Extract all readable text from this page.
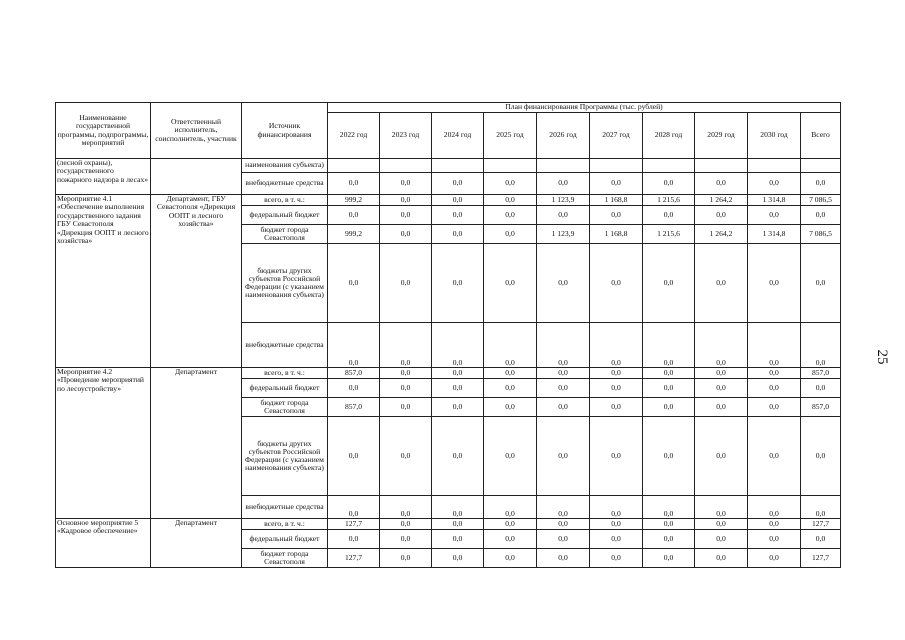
25
Наименование государственной программы, подпрограммы, мероприятий	Ответственный исполнитель, соисполнитель, участник	Источник финансирования	План финансирования Программы (тыс. рублей)									
			2022 год	2023 год	2024 год	2025 год	2026 год	2027 год	2028 год	2029 год	2030 год	Всего
(лесной охраны), государственного пожарного надзора в лесах»		наименования субъекта)										
		внебюджетные средства	0,0	0,0	0,0	0,0	0,0	0,0	0,0	0,0	0,0	0,0
Мероприятие 4.1 «Обеспечение выполнения государственного задания ГБУ Севастополя «Дирекция ООПТ и лесного хозяйства»	Департамент, ГБУ Севастополя «Дирекция ООПТ и лесного хозяйства»	всего, в т. ч.:	999,2	0,0	0,0	0,0	1 123,9	1 168,8	1 215,6	1 264,2	1 314,8	7 086,5
		федеральный бюджет	0,0	0,0	0,0	0,0	0,0	0,0	0,0	0,0	0,0	0,0
		бюджет города Севастополя	999,2	0,0	0,0	0,0	1 123,9	1 168,8	1 215,6	1 264,2	1 314,8	7 086,5
		бюджеты других субъектов Российской Федерации (с указанием наименования субъекта)	0,0	0,0	0,0	0,0	0,0	0,0	0,0	0,0	0,0	0,0
		внебюджетные средства	0,0	0,0	0,0	0,0	0,0	0,0	0,0	0,0	0,0	0,0
Мероприятие 4.2 «Проведение мероприятий по лесоустройству»	Департамент	всего, в т. ч.:	857,0	0,0	0,0	0,0	0,0	0,0	0,0	0,0	0,0	857,0
		федеральный бюджет	0,0	0,0	0,0	0,0	0,0	0,0	0,0	0,0	0,0	0,0
		бюджет города Севастополя	857,0	0,0	0,0	0,0	0,0	0,0	0,0	0,0	0,0	857,0
		бюджеты других субъектов Российской Федерации (с указанием наименования субъекта)	0,0	0,0	0,0	0,0	0,0	0,0	0,0	0,0	0,0	0,0
		внебюджетные средства	0,0	0,0	0,0	0,0	0,0	0,0	0,0	0,0	0,0	0,0
Основное мероприятие 5 «Кадровое обеспечение»	Департамент	всего, в т. ч.:	127,7	0,0	0,0	0,0	0,0	0,0	0,0	0,0	0,0	127,7
		федеральный бюджет	0,0	0,0	0,0	0,0	0,0	0,0	0,0	0,0	0,0	0,0
		бюджет города Севастополя	127,7	0,0	0,0	0,0	0,0	0,0	0,0	0,0	0,0	127,7
